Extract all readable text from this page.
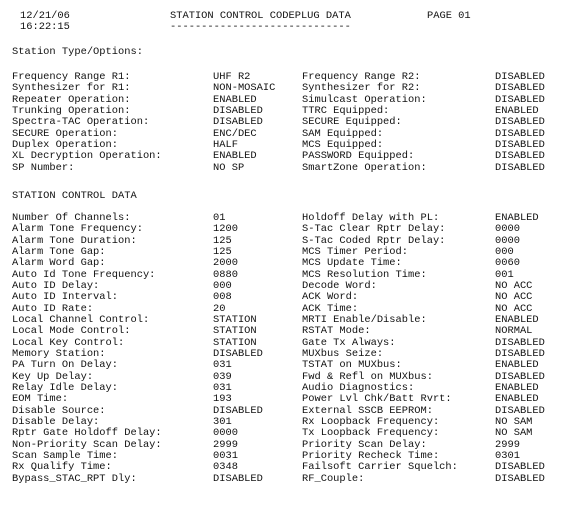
12/21/06	STATION CONTROL CODEPLUG DATA	PAGE 01
16:22:15	-----------------------------
Station Type/Options:
Frequency Range R1:	UHF R2	Frequency Range R2:	DISABLED
Synthesizer for R1:	NON-MOSAIC	Synthesizer for R2:	DISABLED
Repeater Operation:	ENABLED	Simulcast Operation:	DISABLED
Trunking Operation:	DISABLED	TTRC Equipped:	ENABLED
Spectra-TAC Operation:	DISABLED	SECURE Equipped:	DISABLED
SECURE Operation:	ENC/DEC	SAM Equipped:	DISABLED
Duplex Operation:	HALF	MCS Equipped:	DISABLED
XL Decryption Operation:	ENABLED	PASSWORD Equipped:	DISABLED
SP Number:	NO SP	SmartZone Operation:	DISABLED
STATION CONTROL DATA
Number Of Channels:	01	Holdoff Delay with PL:	ENABLED
Alarm Tone Frequency:	1200	S-Tac Clear Rptr Delay:	0000
Alarm Tone Duration:	125	S-Tac Coded Rptr Delay:	0000
Alarm Tone Gap:	125	MCS Timer Period:	000
Alarm Word Gap:	2000	MCS Update Time:	0060
Auto Id Tone Frequency:	0880	MCS Resolution Time:	001
Auto ID Delay:	000	Decode Word:	NO ACC
Auto ID Interval:	008	ACK Word:	NO ACC
Auto ID Rate:	20	ACK Time:	NO ACC
Local Channel Control:	STATION	MRTI Enable/Disable:	ENABLED
Local Mode Control:	STATION	RSTAT Mode:	NORMAL
Local Key Control:	STATION	Gate Tx Always:	DISABLED
Memory Station:	DISABLED	MUXbus Seize:	DISABLED
PA Turn On Delay:	031	TSTAT on MUXbus:	ENABLED
Key Up Delay:	039	Fwd & Refl on MUXbus:	DISABLED
Relay Idle Delay:	031	Audio Diagnostics:	ENABLED
EOM Time:	193	Power Lvl Chk/Batt Rvrt:	ENABLED
Disable Source:	DISABLED	External SSCB EEPROM:	DISABLED
Disable Delay:	301	Rx Loopback Frequency:	NO SAM
Rptr Gate Holdoff Delay:	0000	Tx Loopback Frequency:	NO SAM
Non-Priority Scan Delay:	2999	Priority Scan Delay:	2999
Scan Sample Time:	0031	Priority Recheck Time:	0301
Rx Qualify Time:	0348	Failsoft Carrier Squelch:	DISABLED
Bypass_STAC_RPT Dly:	DISABLED	RF_Couple:	DISABLED
